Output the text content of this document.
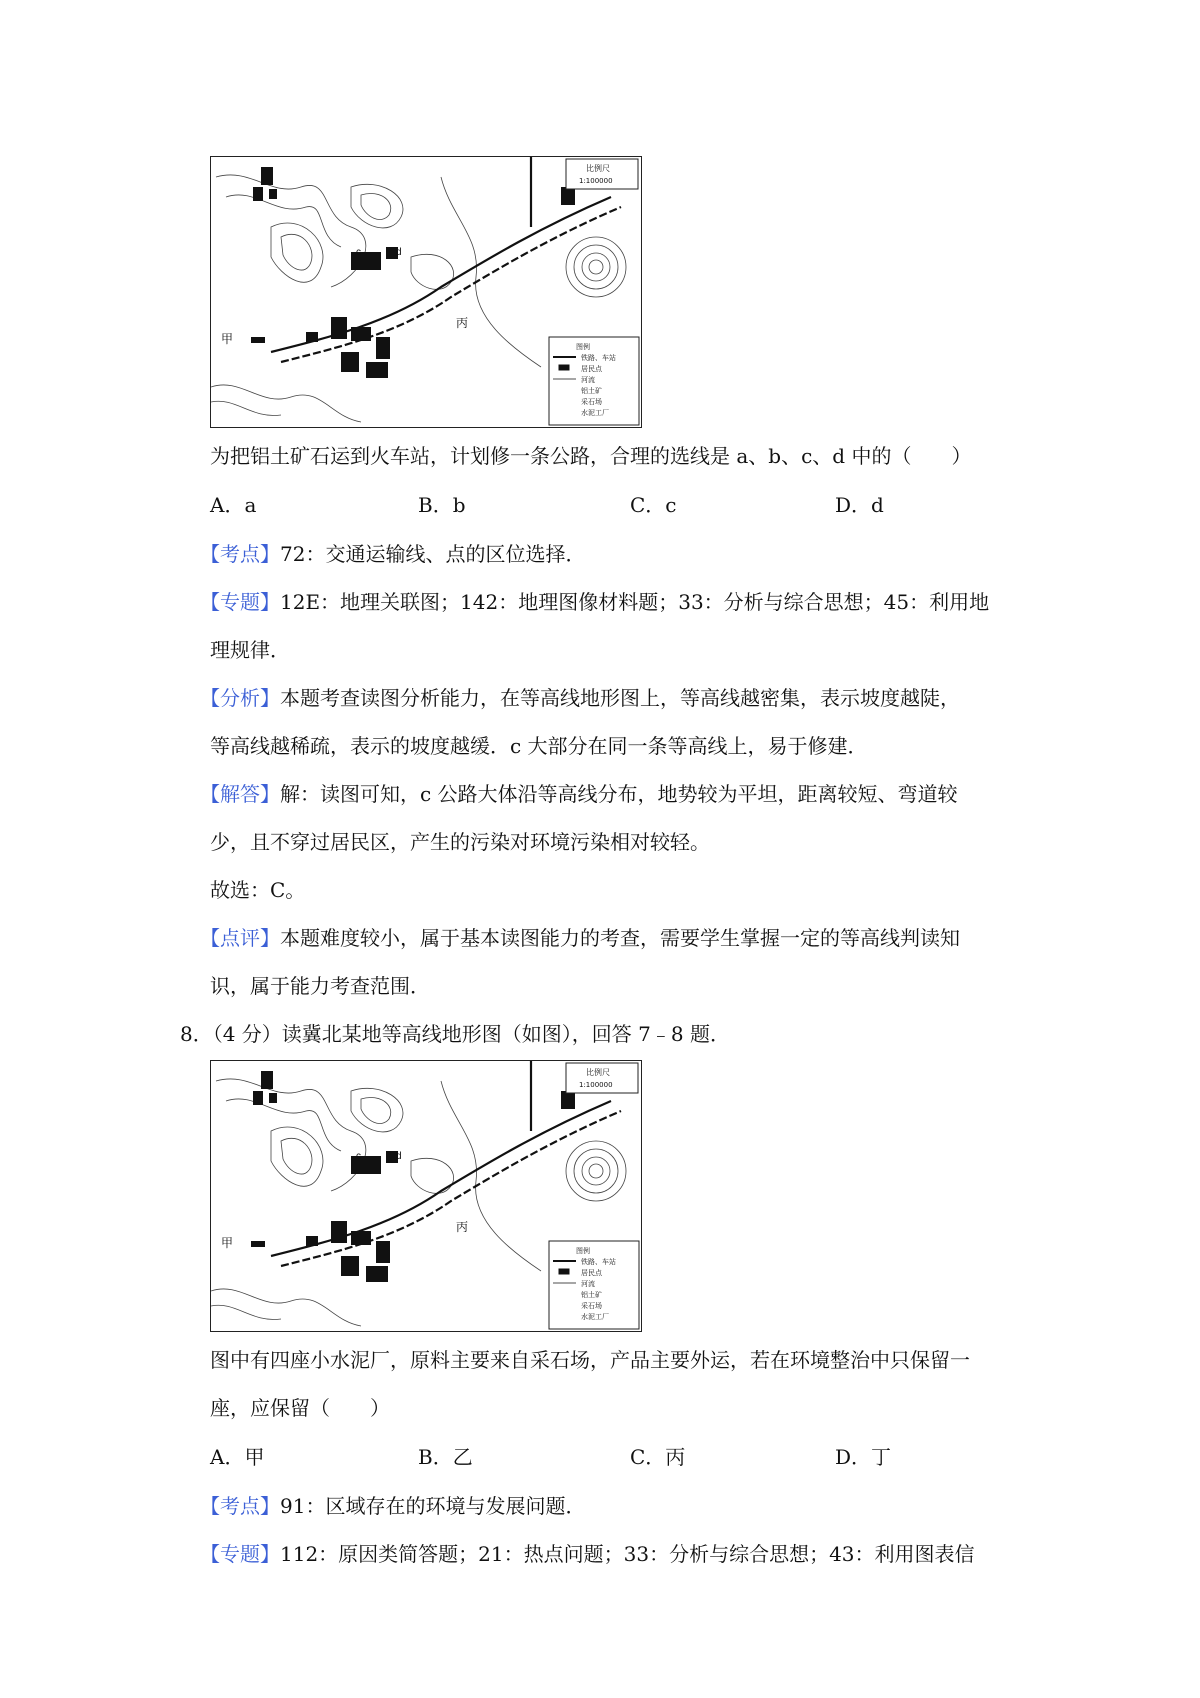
c	d
丙
甲
比例尺
1:100000
图例
铁路、车站
居民点
河流
铝土矿
采石场
水泥工厂
为把铝土矿石运到火车站，计划修一条公路，合理的选线是 a、b、c、d 中的（　　）
A．a	B．b	C．c	D．d
【考点】72：交通运输线、点的区位选择．
【专题】12E：地理关联图；142：地理图像材料题；33：分析与综合思想；45：利用地
理规律．
【分析】本题考查读图分析能力，在等高线地形图上，等高线越密集，表示坡度越陡，
等高线越稀疏，表示的坡度越缓．c 大部分在同一条等高线上，易于修建．
【解答】解：读图可知，c 公路大体沿等高线分布，地势较为平坦，距离较短、弯道较
少，且不穿过居民区，产生的污染对环境污染相对较轻。
故选：C。
【点评】本题难度较小，属于基本读图能力的考查，需要学生掌握一定的等高线判读知
识，属于能力考查范围．
8．（4 分）读冀北某地等高线地形图（如图），回答 7﹣8 题．
c	d
丙
甲
比例尺
1:100000
图例
铁路、车站
居民点
河流
铝土矿
采石场
水泥工厂
图中有四座小水泥厂，原料主要来自采石场，产品主要外运，若在环境整治中只保留一
座，应保留（　　）
A．甲	B．乙	C．丙	D．丁
【考点】91：区域存在的环境与发展问题．
【专题】112：原因类简答题；21：热点问题；33：分析与综合思想；43：利用图表信
